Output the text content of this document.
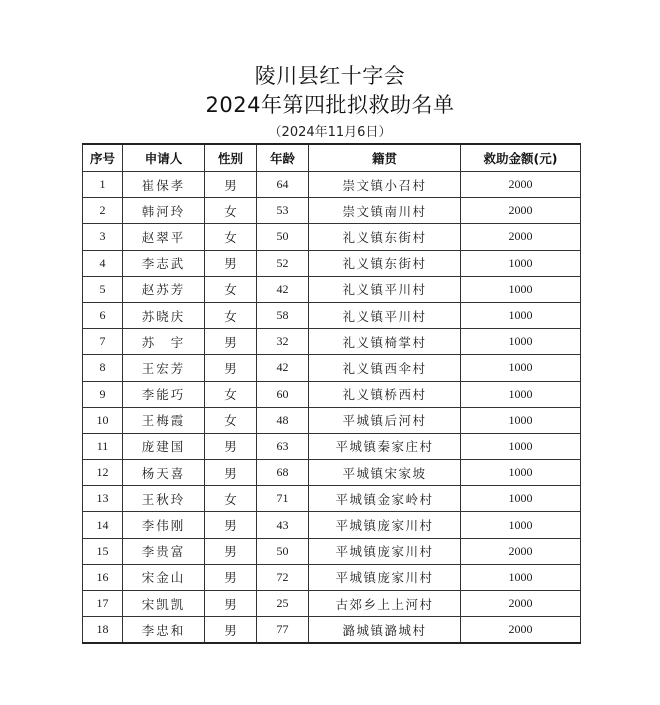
陵川县红十字会
2024年第四批拟救助名单
（2024年11月6日）
序号	申请人	性别	年龄	籍贯	救助金额(元)
1	崔保孝	男	64	崇文镇小召村	2000
2	韩河玲	女	53	崇文镇南川村	2000
3	赵翠平	女	50	礼义镇东街村	2000
4	李志武	男	52	礼义镇东街村	1000
5	赵苏芳	女	42	礼义镇平川村	1000
6	苏晓庆	女	58	礼义镇平川村	1000
7	苏　宇	男	32	礼义镇椅掌村	1000
8	王宏芳	男	42	礼义镇西伞村	1000
9	李能巧	女	60	礼义镇桥西村	1000
10	王梅霞	女	48	平城镇后河村	1000
11	庞建国	男	63	平城镇秦家庄村	1000
12	杨天喜	男	68	平城镇宋家坡	1000
13	王秋玲	女	71	平城镇金家岭村	1000
14	李伟刚	男	43	平城镇庞家川村	1000
15	李贵富	男	50	平城镇庞家川村	2000
16	宋金山	男	72	平城镇庞家川村	1000
17	宋凯凯	男	25	古郊乡上上河村	2000
18	李忠和	男	77	潞城镇潞城村	2000
